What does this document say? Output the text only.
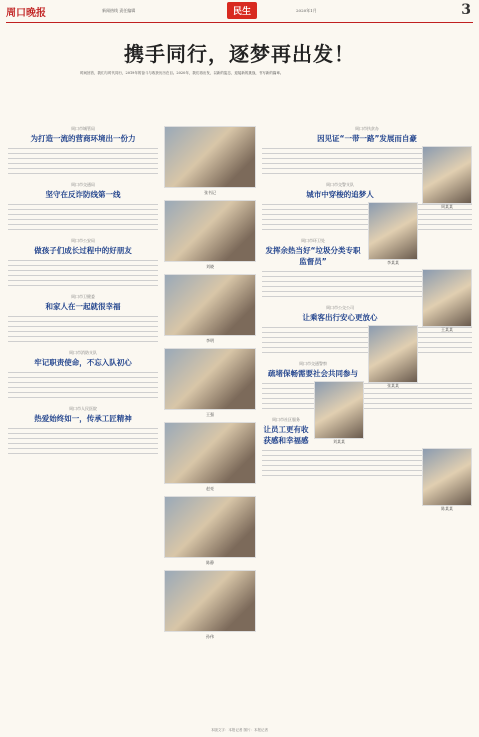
周口晚报	新闻热线 责任编辑	民生	2020年1月	3
携手同行，逐梦再出发！
时间回首，我们与时代同行，2019年的奋斗与收获历历在目。2020年，我们再出发，以新的姿态，迎接新的挑战，书写新的篇章。
周口市城管局
为打造一流的营商环境出一份力
周口市交通局
坚守在反诈防线第一线
周口市公安局
做孩子们成长过程中的好朋友
周口市卫健委
和家人在一起就很幸福
周口市消防支队
牢记职责使命，不忘入队初心
周口市人民医院
热爱始终如一，传承工匠精神
张书记
刘晓
李明
王强
赵亮
陈静
孙伟
周口市扶贫办
因见证“一带一路”发展而自豪
周某某
周口市交警支队
城市中穿梭的追梦人
李某某
周口市环卫处
发挥余热当好“垃圾分类专职监督员”
王某某
周口市公交公司
让乘客出行安心更放心
张某某
周口市交通警察
疏堵保畅需要社会共同参与
刘某某
周口市社区服务
让员工更有收获感和幸福感
陈某某
本版文字：本报记者 图片：本报记者
